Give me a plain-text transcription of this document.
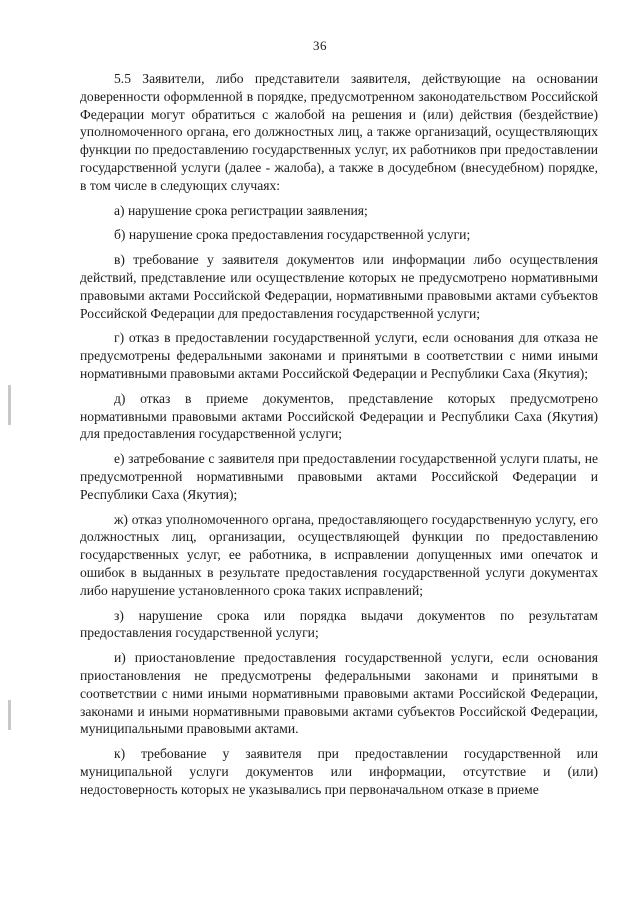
36

5.5 Заявители, либо представители заявителя, действующие на основании доверенности оформленной в порядке, предусмотренном законодательством Российской Федерации могут обратиться с жалобой на решения и (или) действия (бездействие) уполномоченного органа, его должностных лиц, а также организаций, осуществляющих функции по предоставлению государственных услуг, их работников при предоставлении государственной услуги (далее - жалоба), а также в досудебном (внесудебном) порядке, в том числе в следующих случаях:

а) нарушение срока регистрации заявления;

б) нарушение срока предоставления государственной услуги;

в) требование у заявителя документов или информации либо осуществления действий, представление или осуществление которых не предусмотрено нормативными правовыми актами Российской Федерации, нормативными правовыми актами субъектов Российской Федерации для предоставления государственной услуги;

г) отказ в предоставлении государственной услуги, если основания для отказа не предусмотрены федеральными законами и принятыми в соответствии с ними иными нормативными правовыми актами Российской Федерации и Республики Саха (Якутия);

д) отказ в приеме документов, представление которых предусмотрено нормативными правовыми актами Российской Федерации и Республики Саха (Якутия) для предоставления государственной услуги;

е) затребование с заявителя при предоставлении государственной услуги платы, не предусмотренной нормативными правовыми актами Российской Федерации и Республики Саха (Якутия);

ж) отказ уполномоченного органа, предоставляющего государственную услугу, его должностных лиц, организации, осуществляющей функции по предоставлению государственных услуг, ее работника, в исправлении допущенных ими опечаток и ошибок в выданных в результате предоставления государственной услуги документах либо нарушение установленного срока таких исправлений;

з) нарушение срока или порядка выдачи документов по результатам предоставления государственной услуги;

и) приостановление предоставления государственной услуги, если основания приостановления не предусмотрены федеральными законами и принятыми в соответствии с ними иными нормативными правовыми актами Российской Федерации, законами и иными нормативными правовыми актами субъектов Российской Федерации, муниципальными правовыми актами.

к) требование у заявителя при предоставлении государственной или муниципальной услуги документов или информации, отсутствие и (или) недостоверность которых не указывались при первоначальном отказе в приеме
